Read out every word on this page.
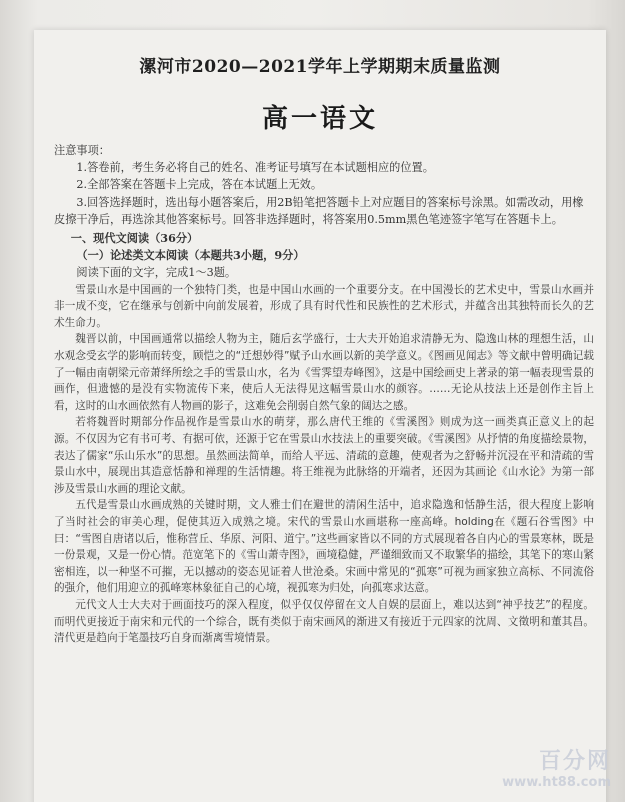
漯河市2020—2021学年上学期期末质量监测
高一语文

注意事项：

1.答卷前，考生务必将自己的姓名、准考证号填写在本试题相应的位置。

2.全部答案在答题卡上完成，答在本试题上无效。

3.回答选择题时，选出每小题答案后，用2B铅笔把答题卡上对应题目的答案标号涂黑。如需改动，用橡皮擦干净后，再选涂其他答案标号。回答非选择题时，将答案用0.5mm黑色笔迹签字笔写在答题卡上。

一、现代文阅读（36分）

（一）论述类文本阅读（本题共3小题，9分）

阅读下面的文字，完成1～3题。

雪景山水是中国画的一个独特门类，也是中国山水画的一个重要分支。在中国漫长的艺术史中，雪景山水画并非一成不变，它在继承与创新中向前发展着，形成了具有时代性和民族性的艺术形式，并蕴含出其独特而长久的艺术生命力。

魏晋以前，中国画通常以描绘人物为主，随后玄学盛行，士大夫开始追求清静无为、隐逸山林的理想生活，山水观念受玄学的影响而转变，顾恺之的“迁想妙得”赋予山水画以新的美学意义。《图画见闻志》等文献中曾明确记载了一幅由南朝梁元帝萧绎所绘之手的雪景山水，名为《雪霁望寿峰图》，这是中国绘画史上著录的第一幅表现雪景的画作，但遗憾的是没有实物流传下来，使后人无法得见这幅雪景山水的颜容。……无论从技法上还是创作主旨上看，这时的山水画依然有人物画的影子，这难免会削弱自然气象的阔达之感。

若将魏晋时期部分作品视作是雪景山水的萌芽，那么唐代王维的《雪溪图》则成为这一画类真正意义上的起源。不仅因为它有书可考、有据可依，还源于它在雪景山水技法上的重要突破。《雪溪图》从抒情的角度描绘景物，表达了儒家“乐山乐水”的思想。虽然画法简单，而给人平远、清疏的意趣，使观者为之舒畅并沉浸在平和清疏的雪景山水中，展现出其造意恬静和禅理的生活情趣。将王维视为此脉络的开端者，还因为其画论《山水论》为第一部涉及雪景山水画的理论文献。

五代是雪景山水画成熟的关键时期，文人雅士们在避世的清闲生活中，追求隐逸和恬静生活，很大程度上影响了当时社会的审美心理，促使其迈入成熟之境。宋代的雪景山水画堪称一座高峰。holding在《题石谷雪图》中曰：“雪图自唐诸以后，惟称营丘、华原、河阳、道宁。”这些画家皆以不同的方式展现着各自内心的雪景寒林，既是一份景观，又是一份心情。范宽笔下的《雪山萧寺图》，画境稳健，严谨细致而又不取繁华的描绘，其笔下的寒山紧密相连，以一种坚不可摧，无以撼动的姿态见证着人世沧桑。宋画中常见的“孤寒”可视为画家独立高标、不同流俗的强介，他们用迎立的孤峰寒林象征自己的心境，视孤寒为归处，向孤寒求达意。

元代文人士大夫对于画面技巧的深入程度，似乎仅仅停留在文人自娱的层面上，难以达到“神乎技艺”的程度。而明代更接近于南宋和元代的一个综合，既有类似于南宋画风的渐进又有接近于元四家的沈周、文徵明和董其昌。清代更是趋向于笔墨技巧自身而渐离雪境情景。

百分网
www.ht88.com
